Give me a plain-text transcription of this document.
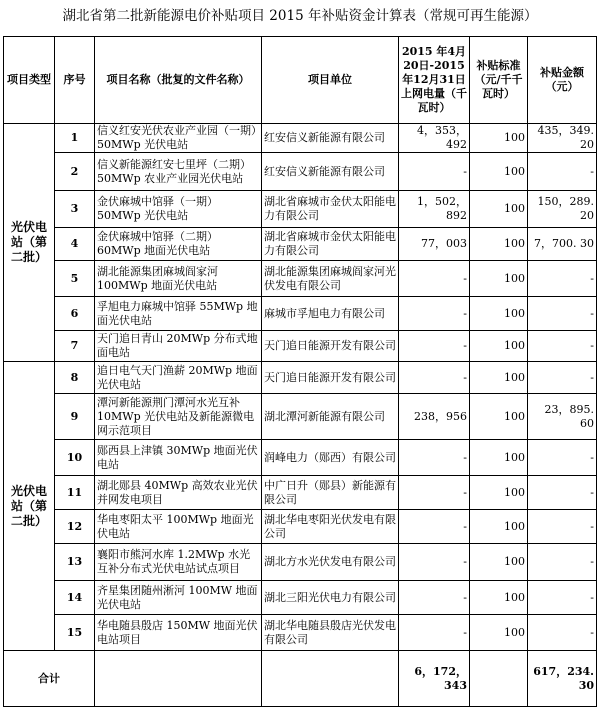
湖北省第二批新能源电价补贴项目 2015 年补贴资金计算表（常规可再生能源）
项目类型	序号	项目名称（批复的文件名称）	项目单位	2015 年4月20日-2015年12月31日上网电量（千瓦时）	补贴标准（元/千千瓦时）	补贴金额（元）
光伏电站（第二批）	1	信义红安光伏农业产业园（一期）50MWp 光伏电站	红安信义新能源有限公司	4，353，492	100	435，349. 20
	2	信义新能源红安七里坪（二期）50MWp 农业产业园光伏电站	红安信义新能源有限公司	-	100	-
	3	金伏麻城中馆驿（一期）50MWp 光伏电站	湖北省麻城市金伏太阳能电力有限公司	1，502，892	100	150，289. 20
	4	金伏麻城中馆驿（二期）60MWp 地面光伏电站	湖北省麻城市金伏太阳能电力有限公司	77，003	100	7，700. 30
	5	湖北能源集团麻城阎家河 100MWp 地面光伏电站	湖北能源集团麻城阎家河光伏发电有限公司	-	100	-
	6	孚旭电力麻城中馆驿 55MWp 地面光伏电站	麻城市孚旭电力有限公司	-	100	-
	7	天门追日青山 20MWp 分布式地面电站	天门追日能源开发有限公司	-	100	-
光伏电站（第二批）	8	追日电气天门渔薪 20MWp 地面光伏电站	天门追日能源开发有限公司	-	100	-
	9	潭河新能源荆门潭河水光互补 10MWp 光伏电站及新能源微电网示范项目	湖北潭河新能源有限公司	238，956	100	23，895. 60
	10	郧西县上津镇 30MWp 地面光伏电站	润峰电力（郧西）有限公司	-	100	-
	11	湖北郧县 40MWp 高效农业光伏并网发电项目	中广日升（郧县）新能源有限公司	-	100	-
	12	华电枣阳太平 100MWp 地面光伏电站	湖北华电枣阳光伏发电有限公司	-	100	-
	13	襄阳市熊河水库 1.2MWp 水光互补分布式光伏电站试点项目	湖北方水光伏发电有限公司	-	100	-
	14	齐星集团随州淅河 100MW 地面光伏电站	湖北三阳光伏电力有限公司	-	100	-
	15	华电随县殷店 150MW 地面光伏电站项目	湖北华电随县殷店光伏发电有限公司	-	100	-
合计				6，172，343		617，234. 30
